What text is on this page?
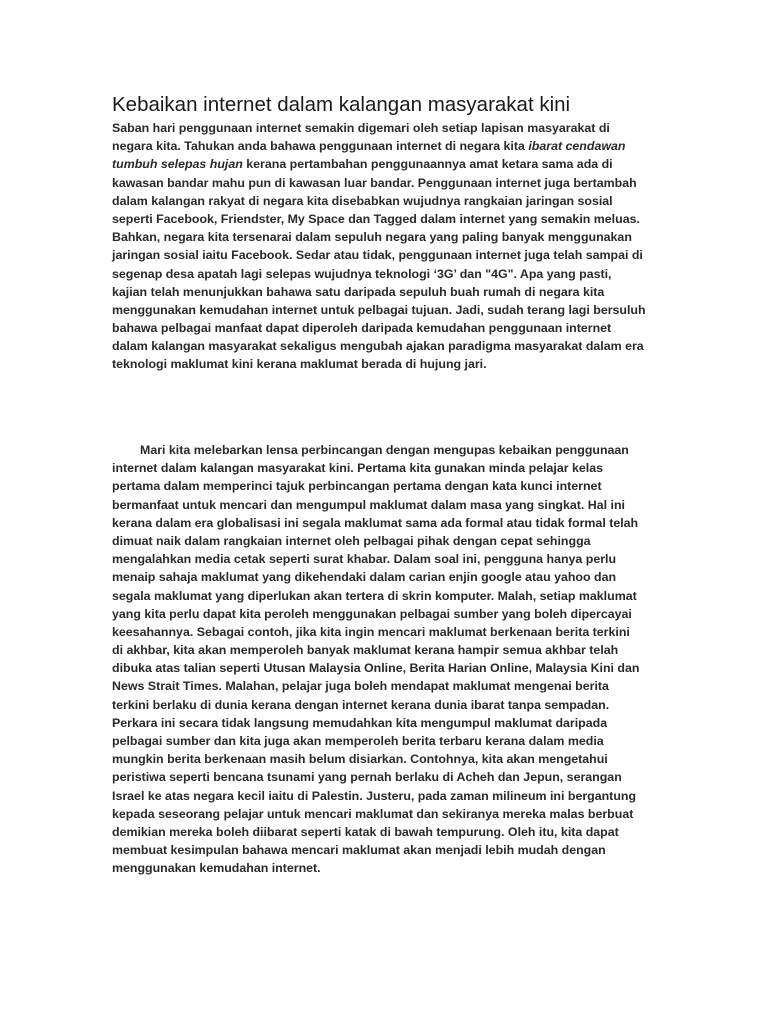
Kebaikan internet dalam kalangan masyarakat kini
Saban hari penggunaan internet semakin digemari oleh setiap lapisan masyarakat di
negara kita. Tahukan anda bahawa penggunaan internet di negara kita ibarat cendawan
tumbuh selepas hujan kerana pertambahan penggunaannya amat ketara sama ada di
kawasan bandar mahu pun di kawasan luar bandar. Penggunaan internet juga bertambah
dalam kalangan rakyat di negara kita disebabkan wujudnya rangkaian jaringan sosial
seperti Facebook, Friendster, My Space dan Tagged dalam internet yang semakin meluas.
Bahkan, negara kita tersenarai dalam sepuluh negara yang paling banyak menggunakan
jaringan sosial iaitu Facebook. Sedar atau tidak, penggunaan internet juga telah sampai di
segenap desa apatah lagi selepas wujudnya teknologi ‘3G’ dan "4G". Apa yang pasti,
kajian telah menunjukkan bahawa satu daripada sepuluh buah rumah di negara kita
menggunakan kemudahan internet untuk pelbagai tujuan. Jadi, sudah terang lagi bersuluh
bahawa pelbagai manfaat dapat diperoleh daripada kemudahan penggunaan internet
dalam kalangan masyarakat sekaligus mengubah ajakan paradigma masyarakat dalam era
teknologi maklumat kini kerana maklumat berada di hujung jari.
Mari kita melebarkan lensa perbincangan dengan mengupas kebaikan penggunaan
internet dalam kalangan masyarakat kini. Pertama kita gunakan minda pelajar kelas
pertama dalam memperinci tajuk perbincangan pertama dengan kata kunci internet
bermanfaat untuk mencari dan mengumpul maklumat dalam masa yang singkat. Hal ini
kerana dalam era globalisasi ini segala maklumat sama ada formal atau tidak formal telah
dimuat naik dalam rangkaian internet oleh pelbagai pihak dengan cepat sehingga
mengalahkan media cetak seperti surat khabar. Dalam soal ini, pengguna hanya perlu
menaip sahaja maklumat yang dikehendaki dalam carian enjin google atau yahoo dan
segala maklumat yang diperlukan akan tertera di skrin komputer. Malah, setiap maklumat
yang kita perlu dapat kita peroleh menggunakan pelbagai sumber yang boleh dipercayai
keesahannya. Sebagai contoh, jika kita ingin mencari maklumat berkenaan berita terkini
di akhbar, kita akan memperoleh banyak maklumat kerana hampir semua akhbar telah
dibuka atas talian seperti Utusan Malaysia Online, Berita Harian Online, Malaysia Kini dan
News Strait Times. Malahan, pelajar juga boleh mendapat maklumat mengenai berita
terkini berlaku di dunia kerana dengan internet kerana dunia ibarat tanpa sempadan.
Perkara ini secara tidak langsung memudahkan kita mengumpul maklumat daripada
pelbagai sumber dan kita juga akan memperoleh berita terbaru kerana dalam media
mungkin berita berkenaan masih belum disiarkan. Contohnya, kita akan mengetahui
peristiwa seperti bencana tsunami yang pernah berlaku di Acheh dan Jepun, serangan
Israel ke atas negara kecil iaitu di Palestin. Justeru, pada zaman milineum ini bergantung
kepada seseorang pelajar untuk mencari maklumat dan sekiranya mereka malas berbuat
demikian mereka boleh diibarat seperti katak di bawah tempurung. Oleh itu, kita dapat
membuat kesimpulan bahawa mencari maklumat akan menjadi lebih mudah dengan
menggunakan kemudahan internet.
